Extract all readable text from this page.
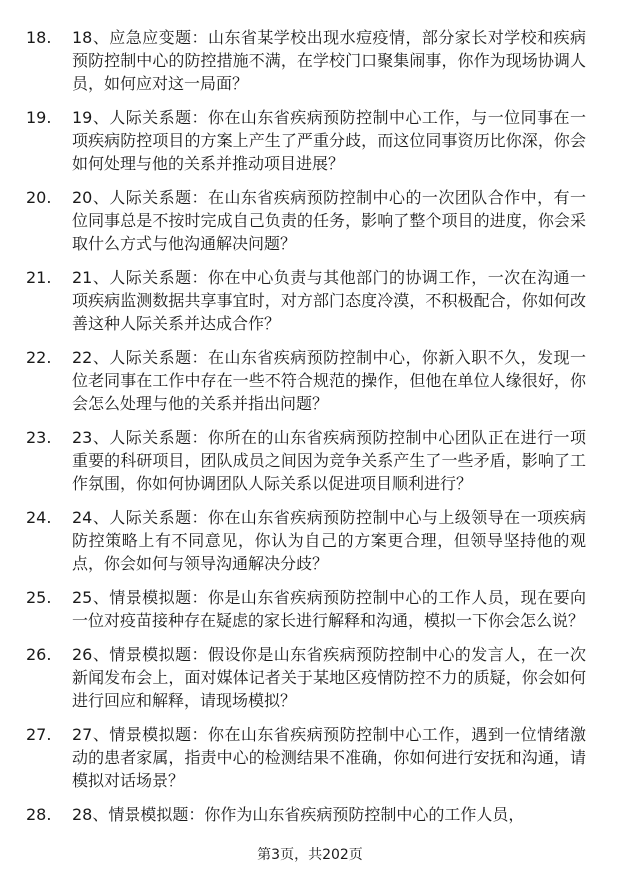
18.	18、应急应变题：山东省某学校出现水痘疫情，部分家长对学校和疾病预防控制中心的防控措施不满，在学校门口聚集闹事，你作为现场协调人员，如何应对这一局面？
19.	19、人际关系题：你在山东省疾病预防控制中心工作，与一位同事在一项疾病防控项目的方案上产生了严重分歧，而这位同事资历比你深，你会如何处理与他的关系并推动项目进展？
20.	20、人际关系题：在山东省疾病预防控制中心的一次团队合作中，有一位同事总是不按时完成自己负责的任务，影响了整个项目的进度，你会采取什么方式与他沟通解决问题？
21.	21、人际关系题：你在中心负责与其他部门的协调工作，一次在沟通一项疾病监测数据共享事宜时，对方部门态度冷漠，不积极配合，你如何改善这种人际关系并达成合作？
22.	22、人际关系题：在山东省疾病预防控制中心，你新入职不久，发现一位老同事在工作中存在一些不符合规范的操作，但他在单位人缘很好，你会怎么处理与他的关系并指出问题？
23.	23、人际关系题：你所在的山东省疾病预防控制中心团队正在进行一项重要的科研项目，团队成员之间因为竞争关系产生了一些矛盾，影响了工作氛围，你如何协调团队人际关系以促进项目顺利进行？
24.	24、人际关系题：你在山东省疾病预防控制中心与上级领导在一项疾病防控策略上有不同意见，你认为自己的方案更合理，但领导坚持他的观点，你会如何与领导沟通解决分歧？
25.	25、情景模拟题：你是山东省疾病预防控制中心的工作人员，现在要向一位对疫苗接种存在疑虑的家长进行解释和沟通，模拟一下你会怎么说？
26.	26、情景模拟题：假设你是山东省疾病预防控制中心的发言人，在一次新闻发布会上，面对媒体记者关于某地区疫情防控不力的质疑，你会如何进行回应和解释，请现场模拟？
27.	27、情景模拟题：你在山东省疾病预防控制中心工作，遇到一位情绪激动的患者家属，指责中心的检测结果不准确，你如何进行安抚和沟通，请模拟对话场景？
28.	28、情景模拟题：你作为山东省疾病预防控制中心的工作人员，
第3页，共202页
